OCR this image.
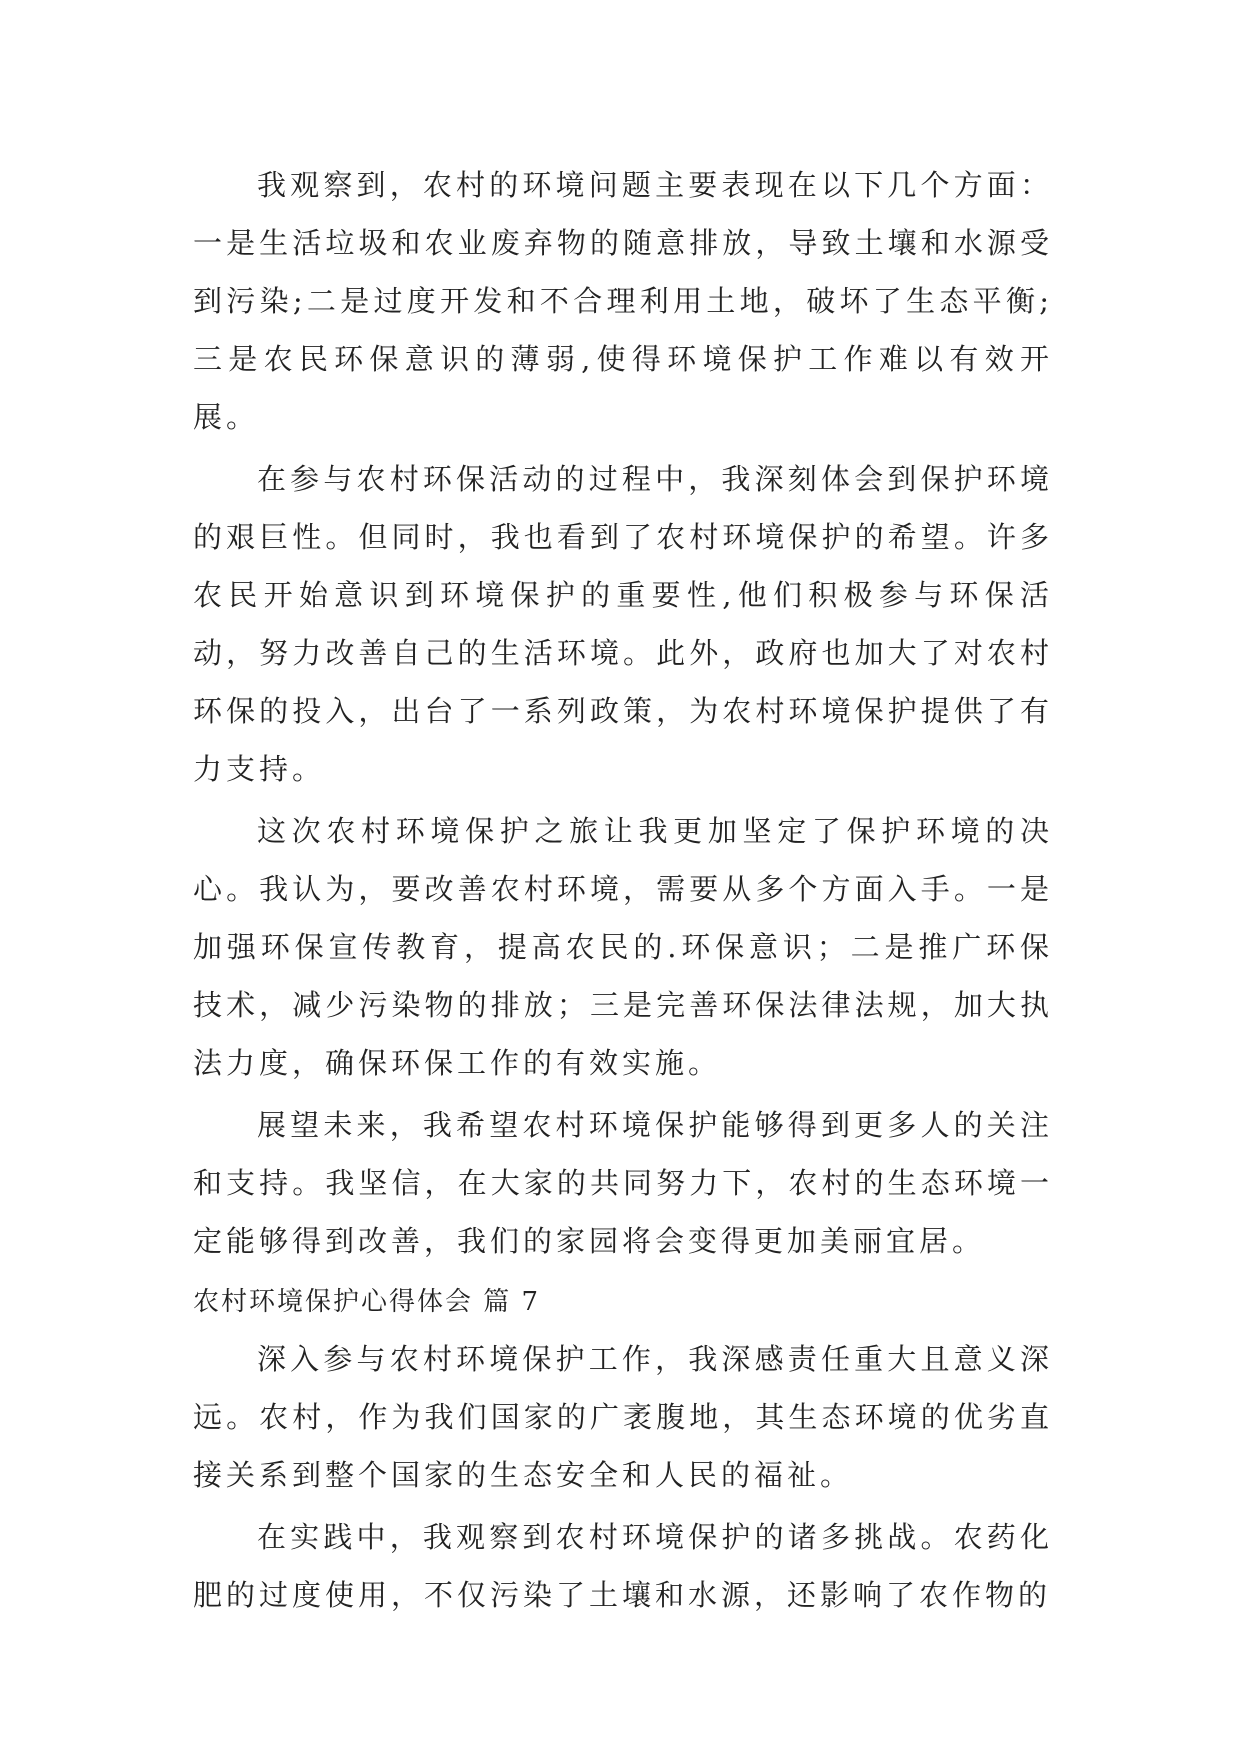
我观察到，农村的环境问题主要表现在以下几个方面：一是生活垃圾和农业废弃物的随意排放，导致土壤和水源受到污染;二是过度开发和不合理利用土地，破坏了生态平衡;三是农民环保意识的薄弱,使得环境保护工作难以有效开展。

在参与农村环保活动的过程中，我深刻体会到保护环境的艰巨性。但同时，我也看到了农村环境保护的希望。许多农民开始意识到环境保护的重要性,他们积极参与环保活动，努力改善自己的生活环境。此外，政府也加大了对农村环保的投入，出台了一系列政策，为农村环境保护提供了有力支持。

这次农村环境保护之旅让我更加坚定了保护环境的决心。我认为，要改善农村环境，需要从多个方面入手。一是加强环保宣传教育，提高农民的.环保意识；二是推广环保技术，减少污染物的排放；三是完善环保法律法规，加大执法力度，确保环保工作的有效实施。

展望未来，我希望农村环境保护能够得到更多人的关注和支持。我坚信，在大家的共同努力下，农村的生态环境一定能够得到改善，我们的家园将会变得更加美丽宜居。

农村环境保护心得体会 篇 7

深入参与农村环境保护工作，我深感责任重大且意义深远。农村，作为我们国家的广袤腹地，其生态环境的优劣直接关系到整个国家的生态安全和人民的福祉。

在实践中，我观察到农村环境保护的诸多挑战。农药化肥的过度使用，不仅污染了土壤和水源，还影响了农作物的
